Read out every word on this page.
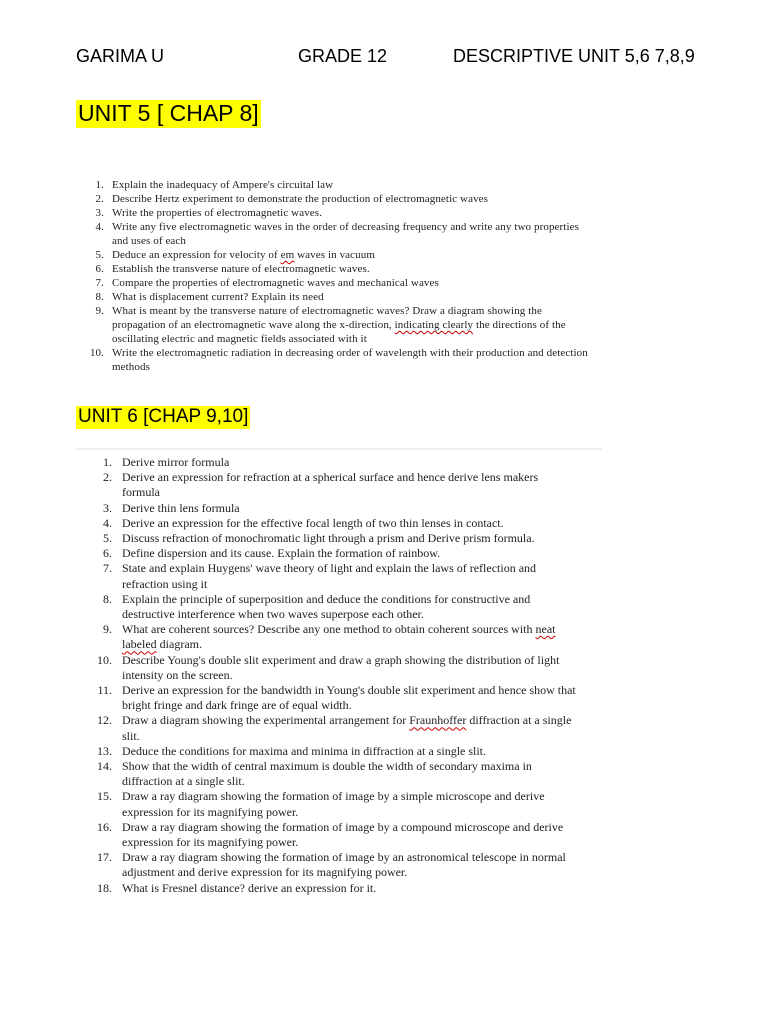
GARIMA U	GRADE 12	DESCRIPTIVE UNIT 5,6 7,8,9
UNIT 5 [ CHAP 8]
1. Explain the inadequacy of Ampere's circuital law
2. Describe Hertz experiment to demonstrate the production of electromagnetic waves
3. Write the properties of electromagnetic waves.
4. Write any five electromagnetic waves in the order of decreasing frequency and write any two properties and uses of each
5. Deduce an expression for velocity of em waves in vacuum
6. Establish the transverse nature of electromagnetic waves.
7. Compare the properties of electromagnetic waves and mechanical waves
8. What is displacement current? Explain its need
9. What is meant by the transverse nature of electromagnetic waves? Draw a diagram showing the propagation of an electromagnetic wave along the x-direction, indicating clearly the directions of the oscillating electric and magnetic fields associated with it
10. Write the electromagnetic radiation in decreasing order of wavelength with their production and detection methods
UNIT 6 [CHAP 9,10]
1. Derive mirror formula
2. Derive an expression for refraction at a spherical surface and hence derive lens makers formula
3. Derive thin lens formula
4. Derive an expression for the effective focal length of two thin lenses in contact.
5. Discuss refraction of monochromatic light through a prism and Derive prism formula.
6. Define dispersion and its cause. Explain the formation of rainbow.
7. State and explain Huygens' wave theory of light and explain the laws of reflection and refraction using it
8. Explain the principle of superposition and deduce the conditions for constructive and destructive interference when two waves superpose each other.
9. What are coherent sources? Describe any one method to obtain coherent sources with neat labeled diagram.
10. Describe Young's double slit experiment and draw a graph showing the distribution of light intensity on the screen.
11. Derive an expression for the bandwidth in Young's double slit experiment and hence show that bright fringe and dark fringe are of equal width.
12. Draw a diagram showing the experimental arrangement for Fraunhoffer diffraction at a single slit.
13. Deduce the conditions for maxima and minima in diffraction at a single slit.
14. Show that the width of central maximum is double the width of secondary maxima in diffraction at a single slit.
15. Draw a ray diagram showing the formation of image by a simple microscope and derive expression for its magnifying power.
16. Draw a ray diagram showing the formation of image by a compound microscope and derive expression for its magnifying power.
17. Draw a ray diagram showing the formation of image by an astronomical telescope in normal adjustment and derive expression for its magnifying power.
18. What is Fresnel distance? derive an expression for it.
